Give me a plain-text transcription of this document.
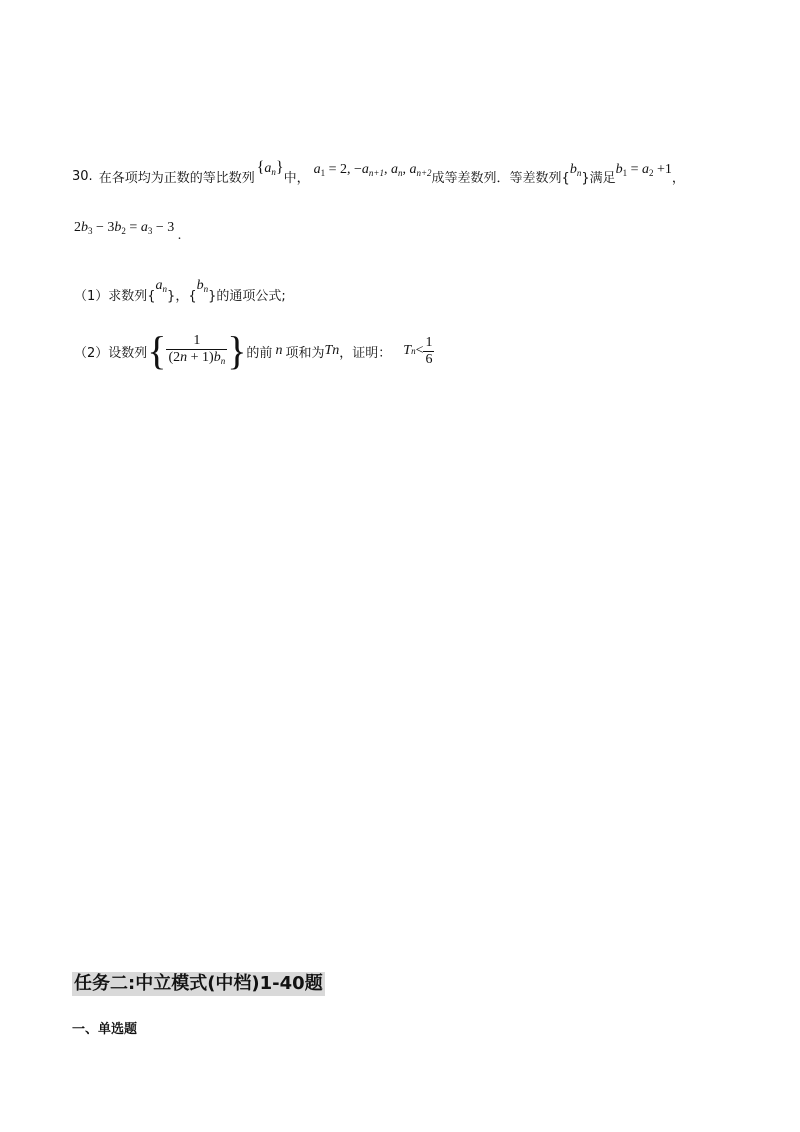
30. 在各项均为正数的等比数列
$\{a_n\}$
中，
$a_1 = 2$, $-a_{n+1}$, $a_n$, $a_{n+2}$ 成等差数列．等差数列{
$b_n$ }满足
$b_1 = a_2 +1$
，
$2b_3 - 3b_2 = a_3 - 3$ .
（1）求数列{
$a_n$ }，{
$b_n$ }的通项公式;
（2）设数列 { $\frac{1}{(2n + 1)b_n}$ } 的前 n 项和为 Tn ，证明： T $n < \frac{1}{6}$
任务二:中立模式(中档)1-40题
一、单选题
